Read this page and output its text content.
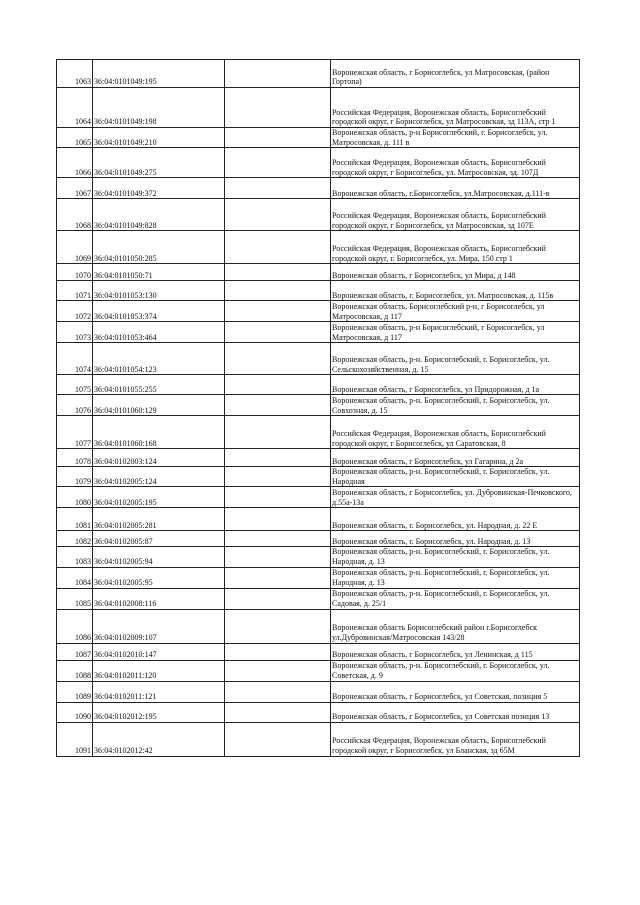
1063	36:04:0101049:195		Воронежская область, г Борисоглебск, ул Матросовская, (район Гортопа)
1064	36:04:0101049:198		Российская Федерация, Воронежская область, Борисоглебский городской округ, г Борисоглебск, ул Матросовская, зд 113А, стр 1
1065	36:04:0101049:210		Воронежская область, р-н Борисоглебский, г. Борисоглебск, ул. Матросовская, д. 111 в
1066	36:04:0101049:275		Российская Федерация, Воронежская область, Борисоглебский городской округ, г Борисоглебск, ул. Матросовская, зд. 107Д
1067	36:04:0101049:372		Воронежская область, г.Борисоглебск, ул.Матросовская, д.111-в
1068	36:04:0101049:828		Российская Федерация, Воронежская область, Борисоглебский городской округ, г Борисоглебск, ул Матросовская, зд 107Е
1069	36:04:0101050:285		Российская Федерация, Воронежская область, Борисоглебский городской округ, г. Борисоглебск, ул. Мира, 150 стр 1
1070	36:04:0101050:71		Воронежская область, г Борисоглебск, ул Мира, д 148
1071	36:04:0101053:130		Воронежская область, г. Борисоглебск, ул. Матросовская, д. 115в
1072	36:04:0101053:374		Воронежская область, Борисоглебский р-н, г Борисоглебск, ул Матросовская, д 117
1073	36:04:0101053:464		Воронежская область, р-н Борисоглебский, г Борисоглебск, ул Матросовская, д 117
1074	36:04:0101054:123		Воронежская область, р-н. Борисоглебский, г. Борисоглебск, ул. Сельскохозяйственная, д. 15
1075	36:04:0101055:255		Воронежская область, г Борисоглебск, ул Придорожная, д 1а
1076	36:04:0101060:129		Воронежская область, р-н. Борисоглебский, г. Борисоглебск, ул. Совхозная, д. 15
1077	36:04:0101060:168		Российская Федерация, Воронежская область, Борисоглебский городской округ, г Борисоглебск, ул Саратовская, 8
1078	36:04:0102003:124		Воронежская область, г Борисоглебск, ул Гагарина, д 2а
1079	36:04:0102005:124		Воронежская область, р-н. Борисоглебский, г. Борисоглебск, ул. Народная
1080	36:04:0102005:195		Воронежская область, г Борисоглебск, ул. Дубровинская-Печковского, д.55а-13а
1081	36:04:0102005:281		Воронежская область, г. Борисоглебск, ул. Народная, д. 22 Е
1082	36:04:0102005:87		Воронежская область, г. Борисоглебск, ул. Народная, д. 13
1083	36:04:0102005:94		Воронежская область, р-н. Борисоглебский, г. Борисоглебск, ул. Народная, д. 13
1084	36:04:0102005:95		Воронежская область, р-н. Борисоглебский, г. Борисоглебск, ул. Народная, д. 13
1085	36:04:0102008:116		Воронежская область, р-н. Борисоглебский, г. Борисоглебск, ул. Садовая, д. 25/1
1086	36:04:0102009:107		Воронежская область Борисоглебский район г.Борисоглебск ул.Дубровинская/Матросовская 143/28
1087	36:04:0102010:147		Воронежская область, г Борисоглебск, ул Ленинская, д 115
1088	36:04:0102011:120		Воронежская область, р-н. Борисоглебский, г. Борисоглебск, ул. Советская, д. 9
1089	36:04:0102011:121		Воронежская область, г Борисоглебск, ул Советская, позиция 5
1090	36:04:0102012:195		Воронежская область, г Борисоглебск, ул Советская позиция 13
1091	36:04:0102012:42		Российская Федерация, Воронежская область, Борисоглебский городской округ, г Борисоглебск, ул Бланская, зд 65М
